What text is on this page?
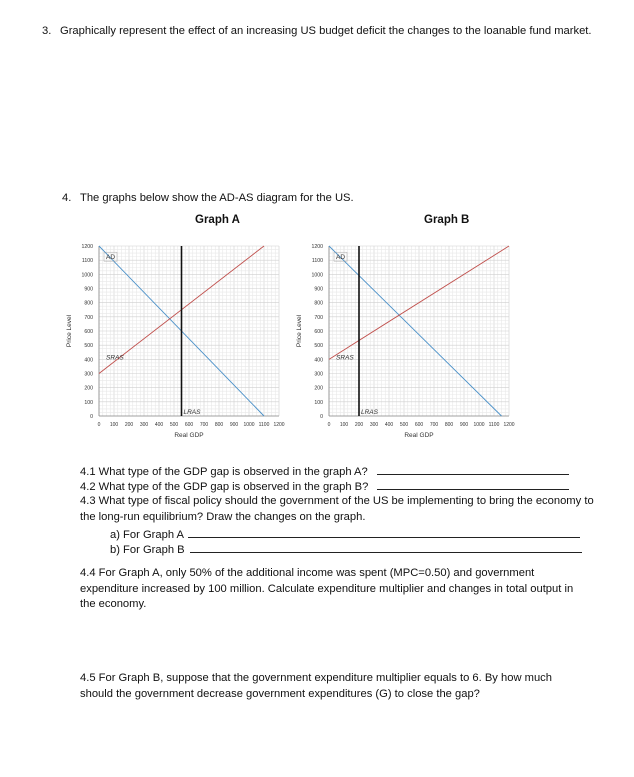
3. Graphically represent the effect of an increasing US budget deficit the changes to the loanable fund market.
4. The graphs below show the AD-AS diagram for the US.
Graph A	Graph B
0
100
200
300
400
500
600
700
800
900
1000
1100
1200
0 100 200 300 400 500 600 700 800 900 1000 1100 1200
Real GDP
Price Level
AD
SRAS
LRAS
0
100
200
300
400
500
600
700
800
900
1000
1100
1200
0 100 200 300 400 500 600 700 800 900 1000 1100 1200
Real GDP
Price Level
AD
SRAS
LRAS
4.1 What type of the GDP gap is observed in the graph A?
4.2 What type of the GDP gap is observed in the graph B?
4.3 What type of fiscal policy should the government of the US be implementing to bring the economy to the long-run equilibrium? Draw the changes on the graph.
a) For Graph A
b) For Graph B
4.4 For Graph A, only 50% of the additional income was spent (MPC=0.50) and government expenditure increased by 100 million. Calculate expenditure multiplier and changes in total output in the economy.
4.5 For Graph B, suppose that the government expenditure multiplier equals to 6. By how much should the government decrease government expenditures (G) to close the gap?
